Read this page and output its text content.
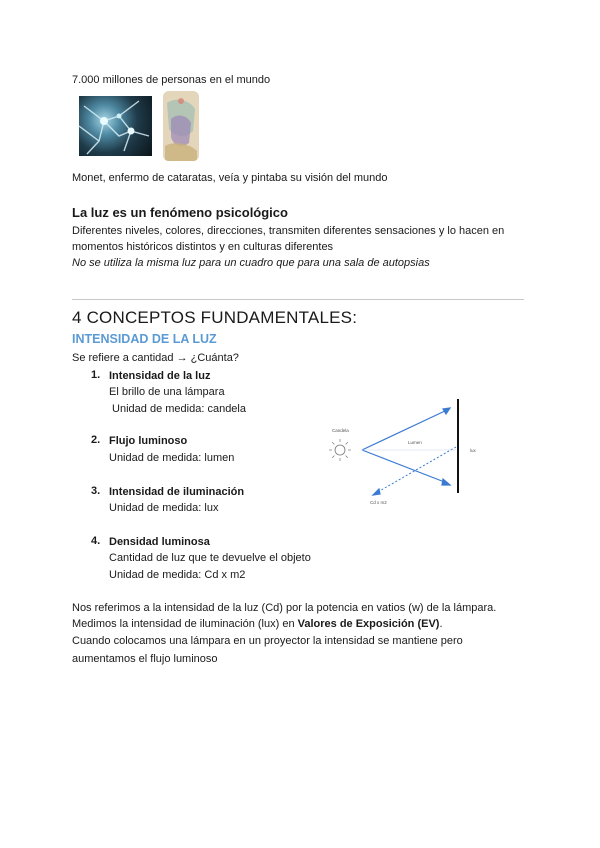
7.000 millones de personas en el mundo
Monet, enfermo de cataratas, veía y pintaba su visión del mundo
La luz es un fenómeno psicológico
Diferentes niveles, colores, direcciones, transmiten diferentes sensaciones y lo hacen en
momentos históricos distintos y en culturas diferentes
No se utiliza la misma luz para un cuadro que para una sala de autopsias
4 CONCEPTOS FUNDAMENTALES:
INTENSIDAD DE LA LUZ
Se refiere a cantidad → ¿Cuánta?
1. Intensidad de la luz
El brillo de una lámpara
Unidad de medida: candela
2. Flujo luminoso
Unidad de medida: lumen
3. Intensidad de iluminación
Unidad de medida: lux
4. Densidad luminosa
Cantidad de luz que te devuelve el objeto
Unidad de medida: Cd x m2
Candela
Lumen
lux
Cd x m2
Nos referimos a la intensidad de la luz (Cd) por la potencia en vatios (w) de la lámpara.
Medimos la intensidad de iluminación (lux) en Valores de Exposición (EV).
Cuando colocamos una lámpara en un proyector la intensidad se mantiene pero
aumentamos el flujo luminoso
